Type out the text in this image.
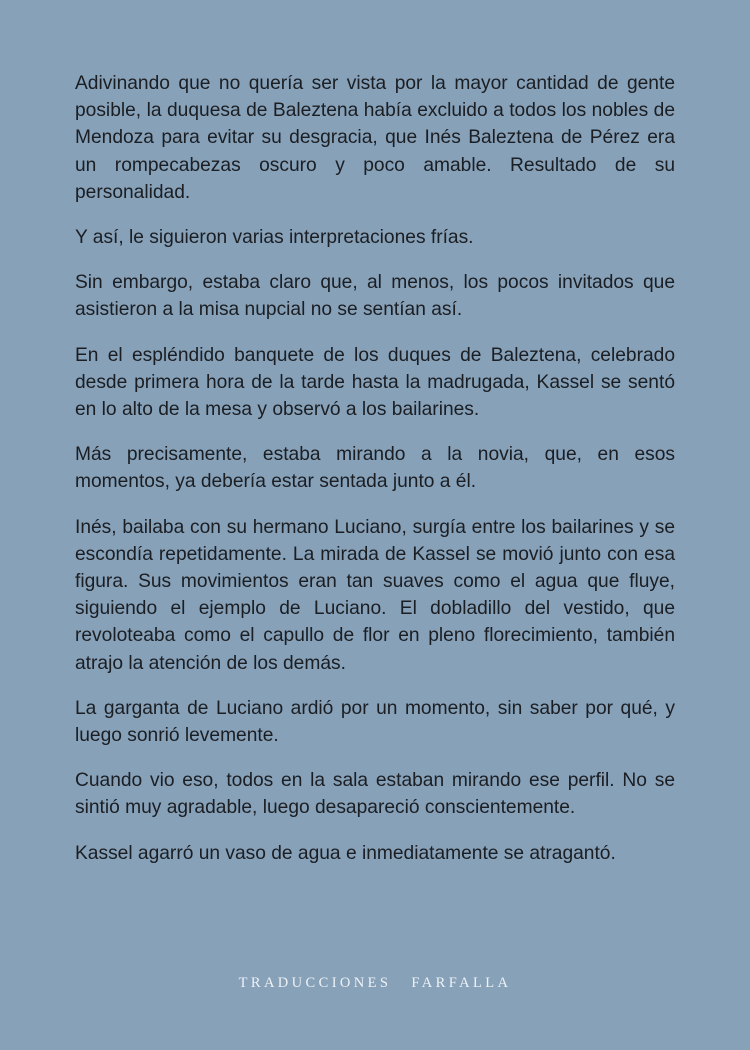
Adivinando que no quería ser vista por la mayor cantidad de gente posible, la duquesa de Baleztena había excluido a todos los nobles de Mendoza para evitar su desgracia, que Inés Baleztena de Pérez era un rompecabezas oscuro y poco amable. Resultado de su personalidad.

Y así, le siguieron varias interpretaciones frías.

Sin embargo, estaba claro que, al menos, los pocos invitados que asistieron a la misa nupcial no se sentían así.

En el espléndido banquete de los duques de Baleztena, celebrado desde primera hora de la tarde hasta la madrugada, Kassel se sentó en lo alto de la mesa y observó a los bailarines.

Más precisamente, estaba mirando a la novia, que, en esos momentos, ya debería estar sentada junto a él.

Inés, bailaba con su hermano Luciano, surgía entre los bailarines y se escondía repetidamente. La mirada de Kassel se movió junto con esa figura. Sus movimientos eran tan suaves como el agua que fluye, siguiendo el ejemplo de Luciano. El dobladillo del vestido, que revoloteaba como el capullo de flor en pleno florecimiento, también atrajo la atención de los demás.

La garganta de Luciano ardió por un momento, sin saber por qué, y luego sonrió levemente.

Cuando vio eso, todos en la sala estaban mirando ese perfil. No se sintió muy agradable, luego desapareció conscientemente.

Kassel agarró un vaso de agua e inmediatamente se atragantó.

TRADUCCIONES FARFALLA
